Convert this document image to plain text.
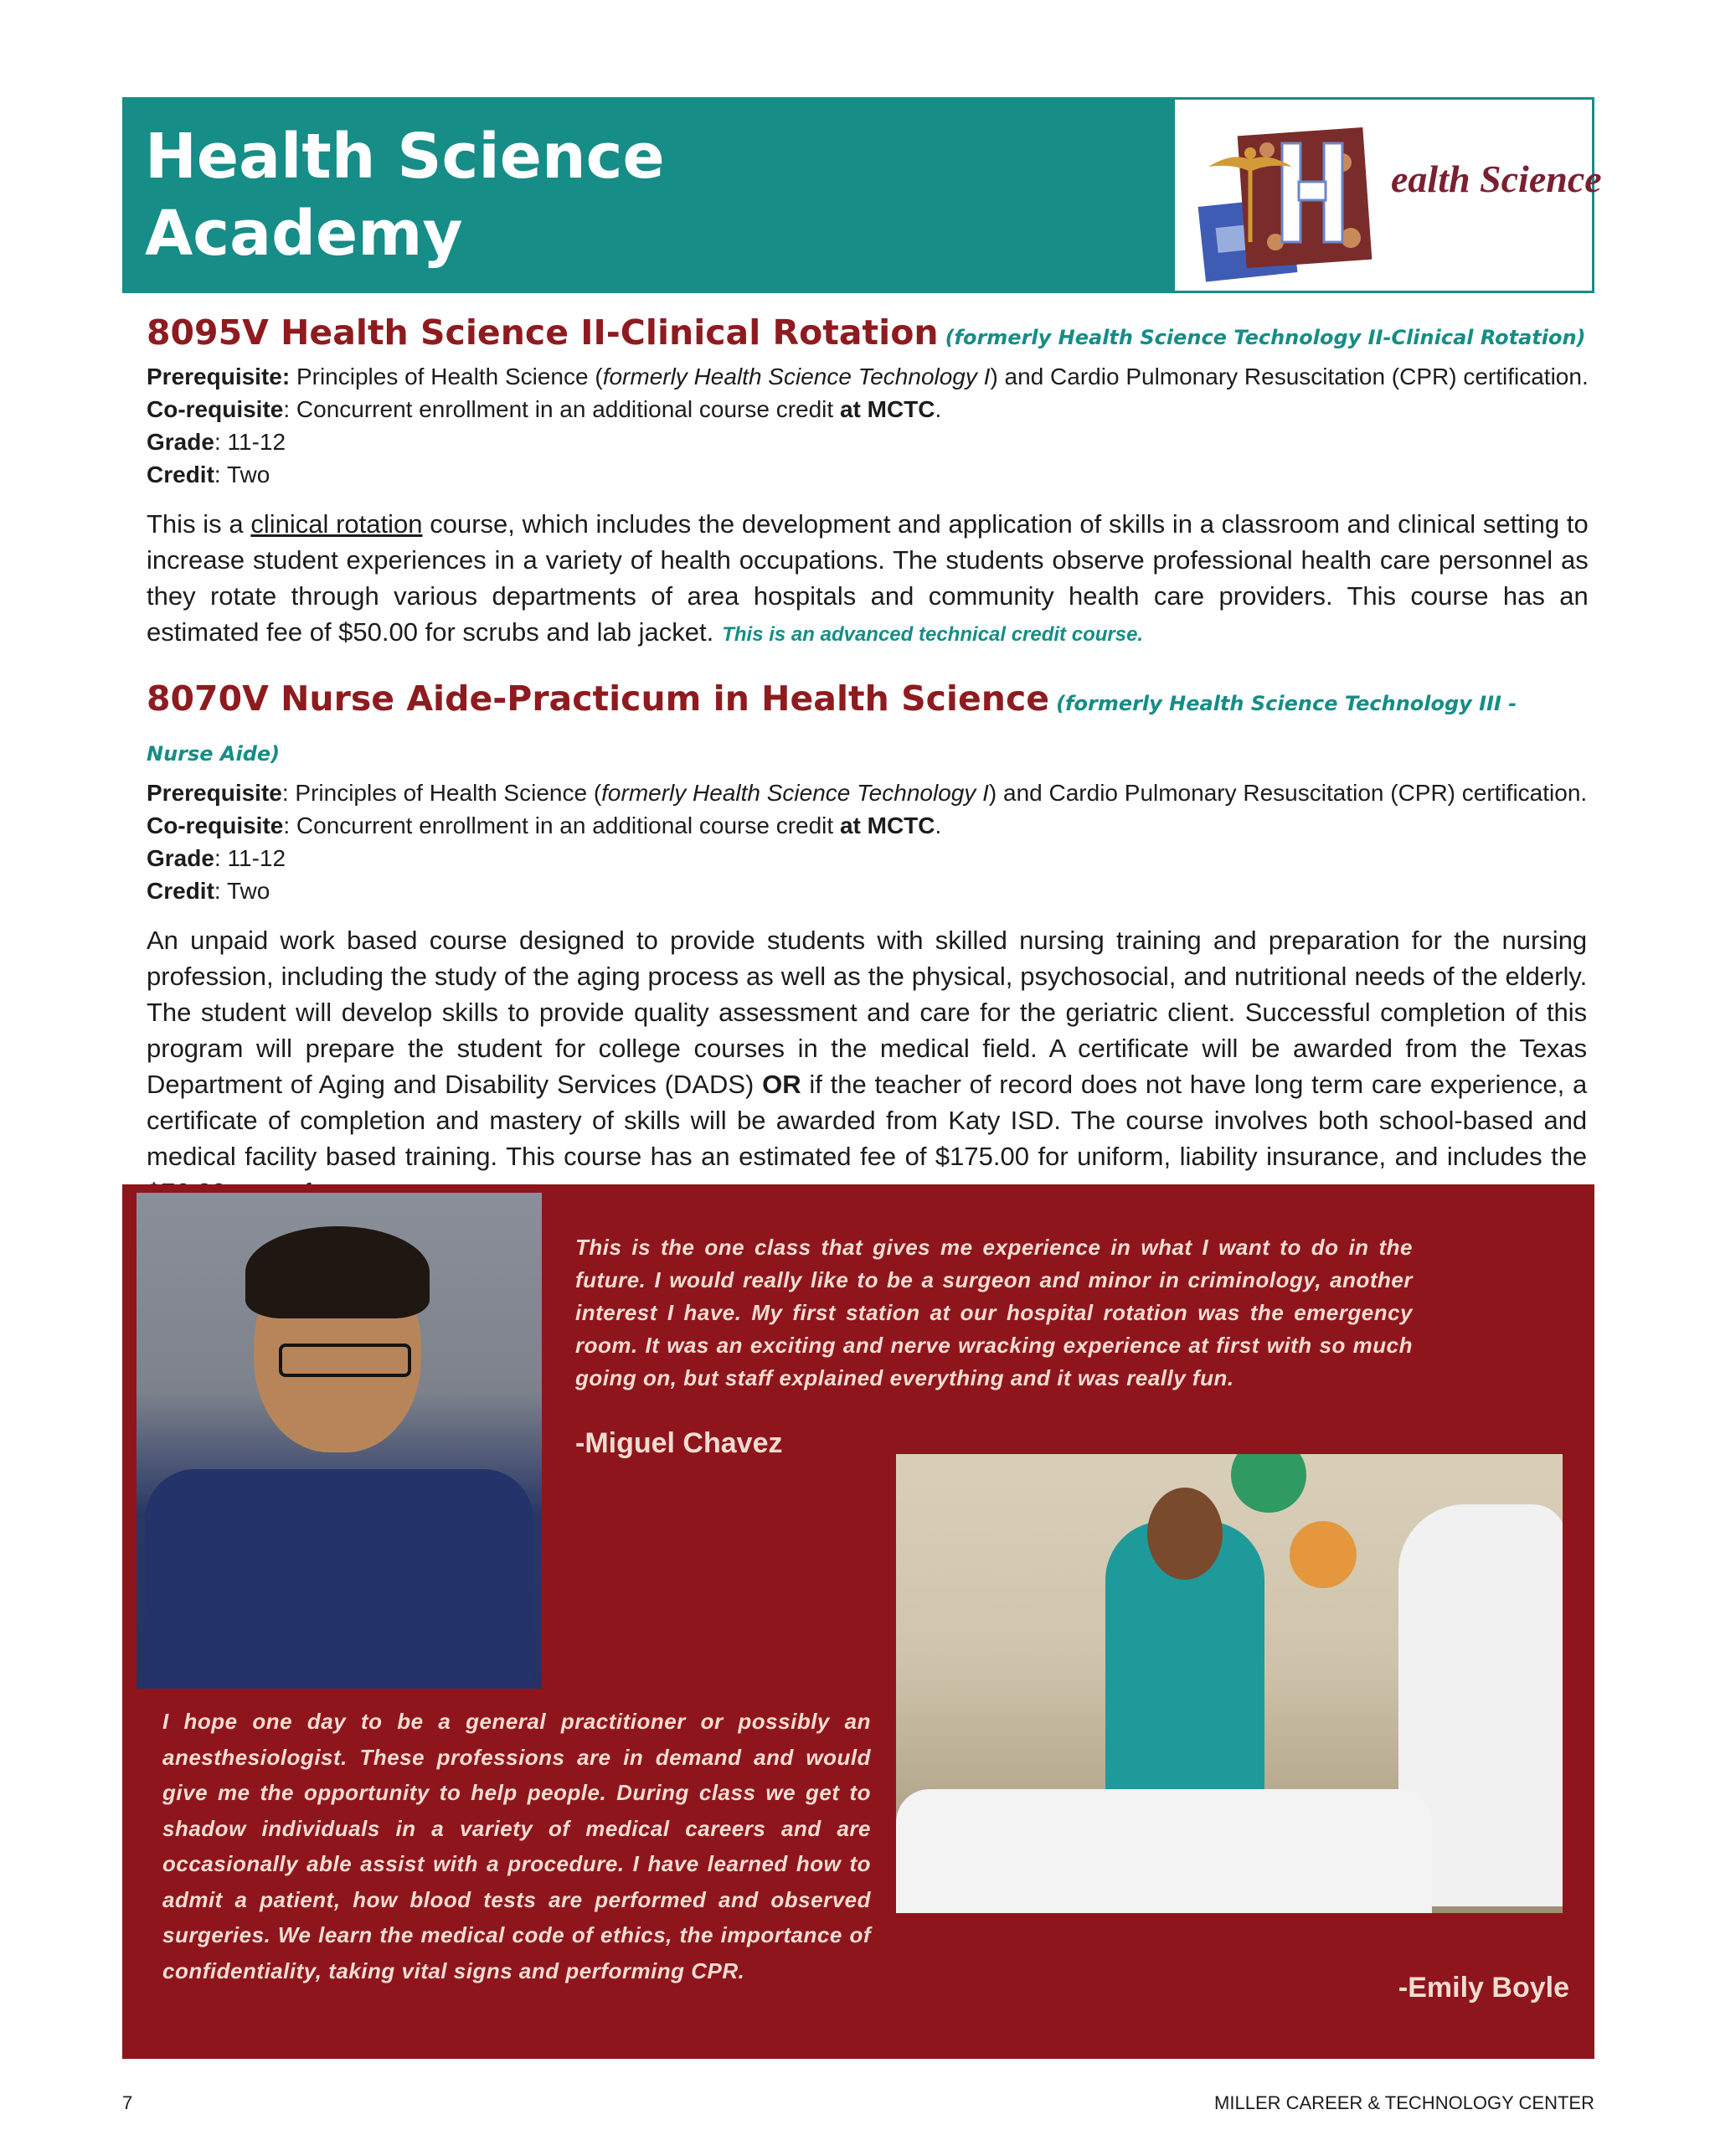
Health Science
Academy
ealth Science
8095V Health Science II-Clinical Rotation (formerly Health Science Technology II-Clinical Rotation)
Prerequisite: Principles of Health Science (formerly Health Science Technology I) and Cardio Pulmonary Resuscitation (CPR) certification.
Co-requisite: Concurrent enrollment in an additional course credit at MCTC.
Grade: 11-12
Credit: Two

This is a clinical rotation course, which includes the development and application of skills in a classroom and clinical setting to increase student experiences in a variety of health occupations. The students observe professional health care personnel as they rotate through various departments of area hospitals and community health care providers. This course has an estimated fee of $50.00 for scrubs and lab jacket. This is an advanced technical credit course.

8070V Nurse Aide-Practicum in Health Science (formerly Health Science Technology III - Nurse Aide)
Prerequisite: Principles of Health Science (formerly Health Science Technology I) and Cardio Pulmonary Resuscitation (CPR) certification.
Co-requisite: Concurrent enrollment in an additional course credit at MCTC.
Grade: 11-12
Credit: Two

An unpaid work based course designed to provide students with skilled nursing training and preparation for the nursing profession, including the study of the aging process as well as the physical, psychosocial, and nutritional needs of the elderly. The student will develop skills to provide quality assessment and care for the geriatric client. Successful completion of this program will prepare the student for college courses in the medical field. A certificate will be awarded from the Texas Department of Aging and Disability Services (DADS) OR if the teacher of record does not have long term care experience, a certificate of completion and mastery of skills will be awarded from Katy ISD. The course involves both school-based and medical facility based training. This course has an estimated fee of $175.00 for uniform, liability insurance, and includes the

This is the one class that gives me experience in what I want to do in the future. I would really like to be a surgeon and minor in criminology, another interest I have. My first station at our hospital rotation was the emergency room. It was an exciting and nerve wracking experience at first with so much going on, but staff explained everything and it was really fun.
-Miguel Chavez
I hope one day to be a general practitioner or possibly an anesthesiologist. These professions are in demand and would give me the opportunity to help people. During class we get to shadow individuals in a variety of medical careers and are occasionally able assist with a procedure. I have learned how to admit a patient, how blood tests are performed and observed surgeries. We learn the medical code of ethics, the importance of confidentiality, taking vital signs and performing CPR.
-Emily Boyle
7	MILLER CAREER & TECHNOLOGY CENTER
